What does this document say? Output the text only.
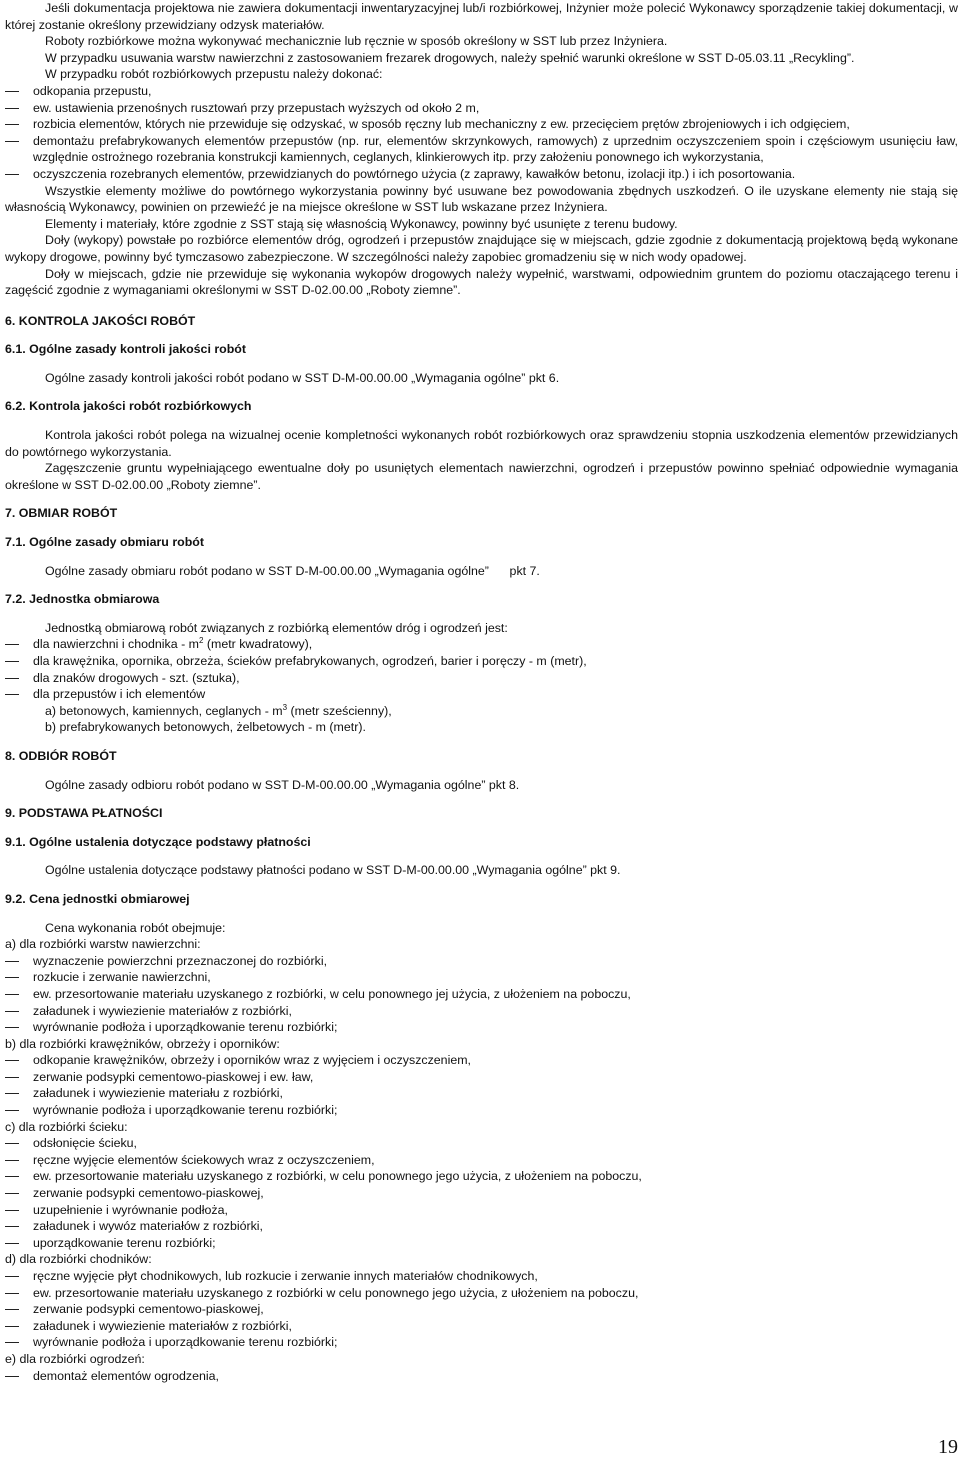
Jeśli dokumentacja projektowa nie zawiera dokumentacji inwentaryzacyjnej lub/i rozbiórkowej, Inżynier może polecić Wykonawcy sporządzenie takiej dokumentacji, w której zostanie określony przewidziany odzysk materiałów.

Roboty rozbiórkowe można wykonywać mechanicznie lub ręcznie w sposób określony w SST lub przez Inżyniera.

W przypadku usuwania warstw nawierzchni z zastosowaniem frezarek drogowych, należy spełnić warunki określone w SST D-05.03.11 „Recykling”.

W przypadku robót rozbiórkowych przepustu należy dokonać:

odkopania przepustu,

ew. ustawienia przenośnych rusztowań przy przepustach wyższych od około 2 m,

rozbicia elementów, których nie przewiduje się odzyskać, w sposób ręczny lub mechaniczny z ew. przecięciem prętów zbrojeniowych i ich odgięciem,

demontażu prefabrykowanych elementów przepustów (np. rur, elementów skrzynkowych, ramowych) z uprzednim oczyszczeniem spoin i częściowym usunięciu ław, względnie ostrożnego rozebrania konstrukcji kamiennych, ceglanych, klinkierowych itp. przy założeniu ponownego ich wykorzystania,

oczyszczenia rozebranych elementów, przewidzianych do powtórnego użycia (z zaprawy, kawałków betonu, izolacji itp.) i ich posortowania.

Wszystkie elementy możliwe do powtórnego wykorzystania powinny być usuwane bez powodowania zbędnych uszkodzeń. O ile uzyskane elementy nie stają się własnością Wykonawcy, powinien on przewieźć je na miejsce określone w SST lub wskazane przez Inżyniera.

Elementy i materiały, które zgodnie z SST stają się własnością Wykonawcy, powinny być usunięte z terenu budowy.

Doły (wykopy) powstałe po rozbiórce elementów dróg, ogrodzeń i przepustów znajdujące się w miejscach, gdzie zgodnie z dokumentacją projektową będą wykonane wykopy drogowe, powinny być tymczasowo zabezpieczone. W szczególności należy zapobiec gromadzeniu się w nich wody opadowej.

Doły w miejscach, gdzie nie przewiduje się wykonania wykopów drogowych należy wypełnić, warstwami, odpowiednim gruntem do poziomu otaczającego terenu i zagęścić zgodnie z wymaganiami określonymi w SST D-02.00.00 „Roboty ziemne”.

6. KONTROLA JAKOŚCI ROBÓT

6.1. Ogólne zasady kontroli jakości robót

Ogólne zasady kontroli jakości robót podano w SST D-M-00.00.00 „Wymagania ogólne” pkt 6.

6.2. Kontrola jakości robót rozbiórkowych

Kontrola jakości robót polega na wizualnej ocenie kompletności wykonanych robót rozbiórkowych oraz sprawdzeniu stopnia uszkodzenia elementów przewidzianych do powtórnego wykorzystania.

Zagęszczenie gruntu wypełniającego ewentualne doły po usuniętych elementach nawierzchni, ogrodzeń i przepustów powinno spełniać odpowiednie wymagania określone w SST D-02.00.00 „Roboty ziemne”.

7. OBMIAR ROBÓT

7.1. Ogólne zasady obmiaru robót

Ogólne zasady obmiaru robót podano w SST D-M-00.00.00 „Wymagania ogólne”      pkt 7.

7.2. Jednostka obmiarowa

Jednostką obmiarową robót związanych z rozbiórką elementów dróg i ogrodzeń jest:

dla nawierzchni i chodnika - $m^2$ (metr kwadratowy),

dla krawężnika, opornika, obrzeża, ścieków prefabrykowanych, ogrodzeń, barier i poręczy - m (metr),

dla znaków drogowych - szt. (sztuka),

dla przepustów i ich elementów

a) betonowych, kamiennych, ceglanych - $m^3$ (metr sześcienny),

b) prefabrykowanych betonowych, żelbetowych - m (metr).

8. ODBIÓR ROBÓT

Ogólne zasady odbioru robót podano w SST D-M-00.00.00 „Wymagania ogólne” pkt 8.

9. PODSTAWA PŁATNOŚCI

9.1. Ogólne ustalenia dotyczące podstawy płatności

Ogólne ustalenia dotyczące podstawy płatności podano w SST D-M-00.00.00 „Wymagania ogólne” pkt 9.

9.2. Cena jednostki obmiarowej

Cena wykonania robót obejmuje:

a) dla rozbiórki warstw nawierzchni:

wyznaczenie powierzchni przeznaczonej do rozbiórki,

rozkucie i zerwanie nawierzchni,

ew. przesortowanie materiału uzyskanego z rozbiórki, w celu ponownego jej użycia, z ułożeniem na poboczu,

załadunek i wywiezienie materiałów z rozbiórki,

wyrównanie podłoża i uporządkowanie terenu rozbiórki;

b) dla rozbiórki krawężników, obrzeży i oporników:

odkopanie krawężników, obrzeży i oporników wraz z wyjęciem i oczyszczeniem,

zerwanie podsypki cementowo-piaskowej i ew. ław,

załadunek i wywiezienie materiału z rozbiórki,

wyrównanie podłoża i uporządkowanie terenu rozbiórki;

c) dla rozbiórki ścieku:

odsłonięcie ścieku,

ręczne wyjęcie elementów ściekowych wraz z oczyszczeniem,

ew. przesortowanie materiału uzyskanego z rozbiórki, w celu ponownego jego użycia, z ułożeniem na poboczu,

zerwanie podsypki cementowo-piaskowej,

uzupełnienie i wyrównanie podłoża,

załadunek i wywóz materiałów z rozbiórki,

uporządkowanie terenu rozbiórki;

d) dla rozbiórki chodników:

ręczne wyjęcie płyt chodnikowych, lub rozkucie i zerwanie innych materiałów chodnikowych,

ew. przesortowanie materiału uzyskanego z rozbiórki w celu ponownego jego użycia, z ułożeniem na poboczu,

zerwanie podsypki cementowo-piaskowej,

załadunek i wywiezienie materiałów z rozbiórki,

wyrównanie podłoża i uporządkowanie terenu rozbiórki;

e) dla rozbiórki ogrodzeń:

demontaż elementów ogrodzenia,

19
